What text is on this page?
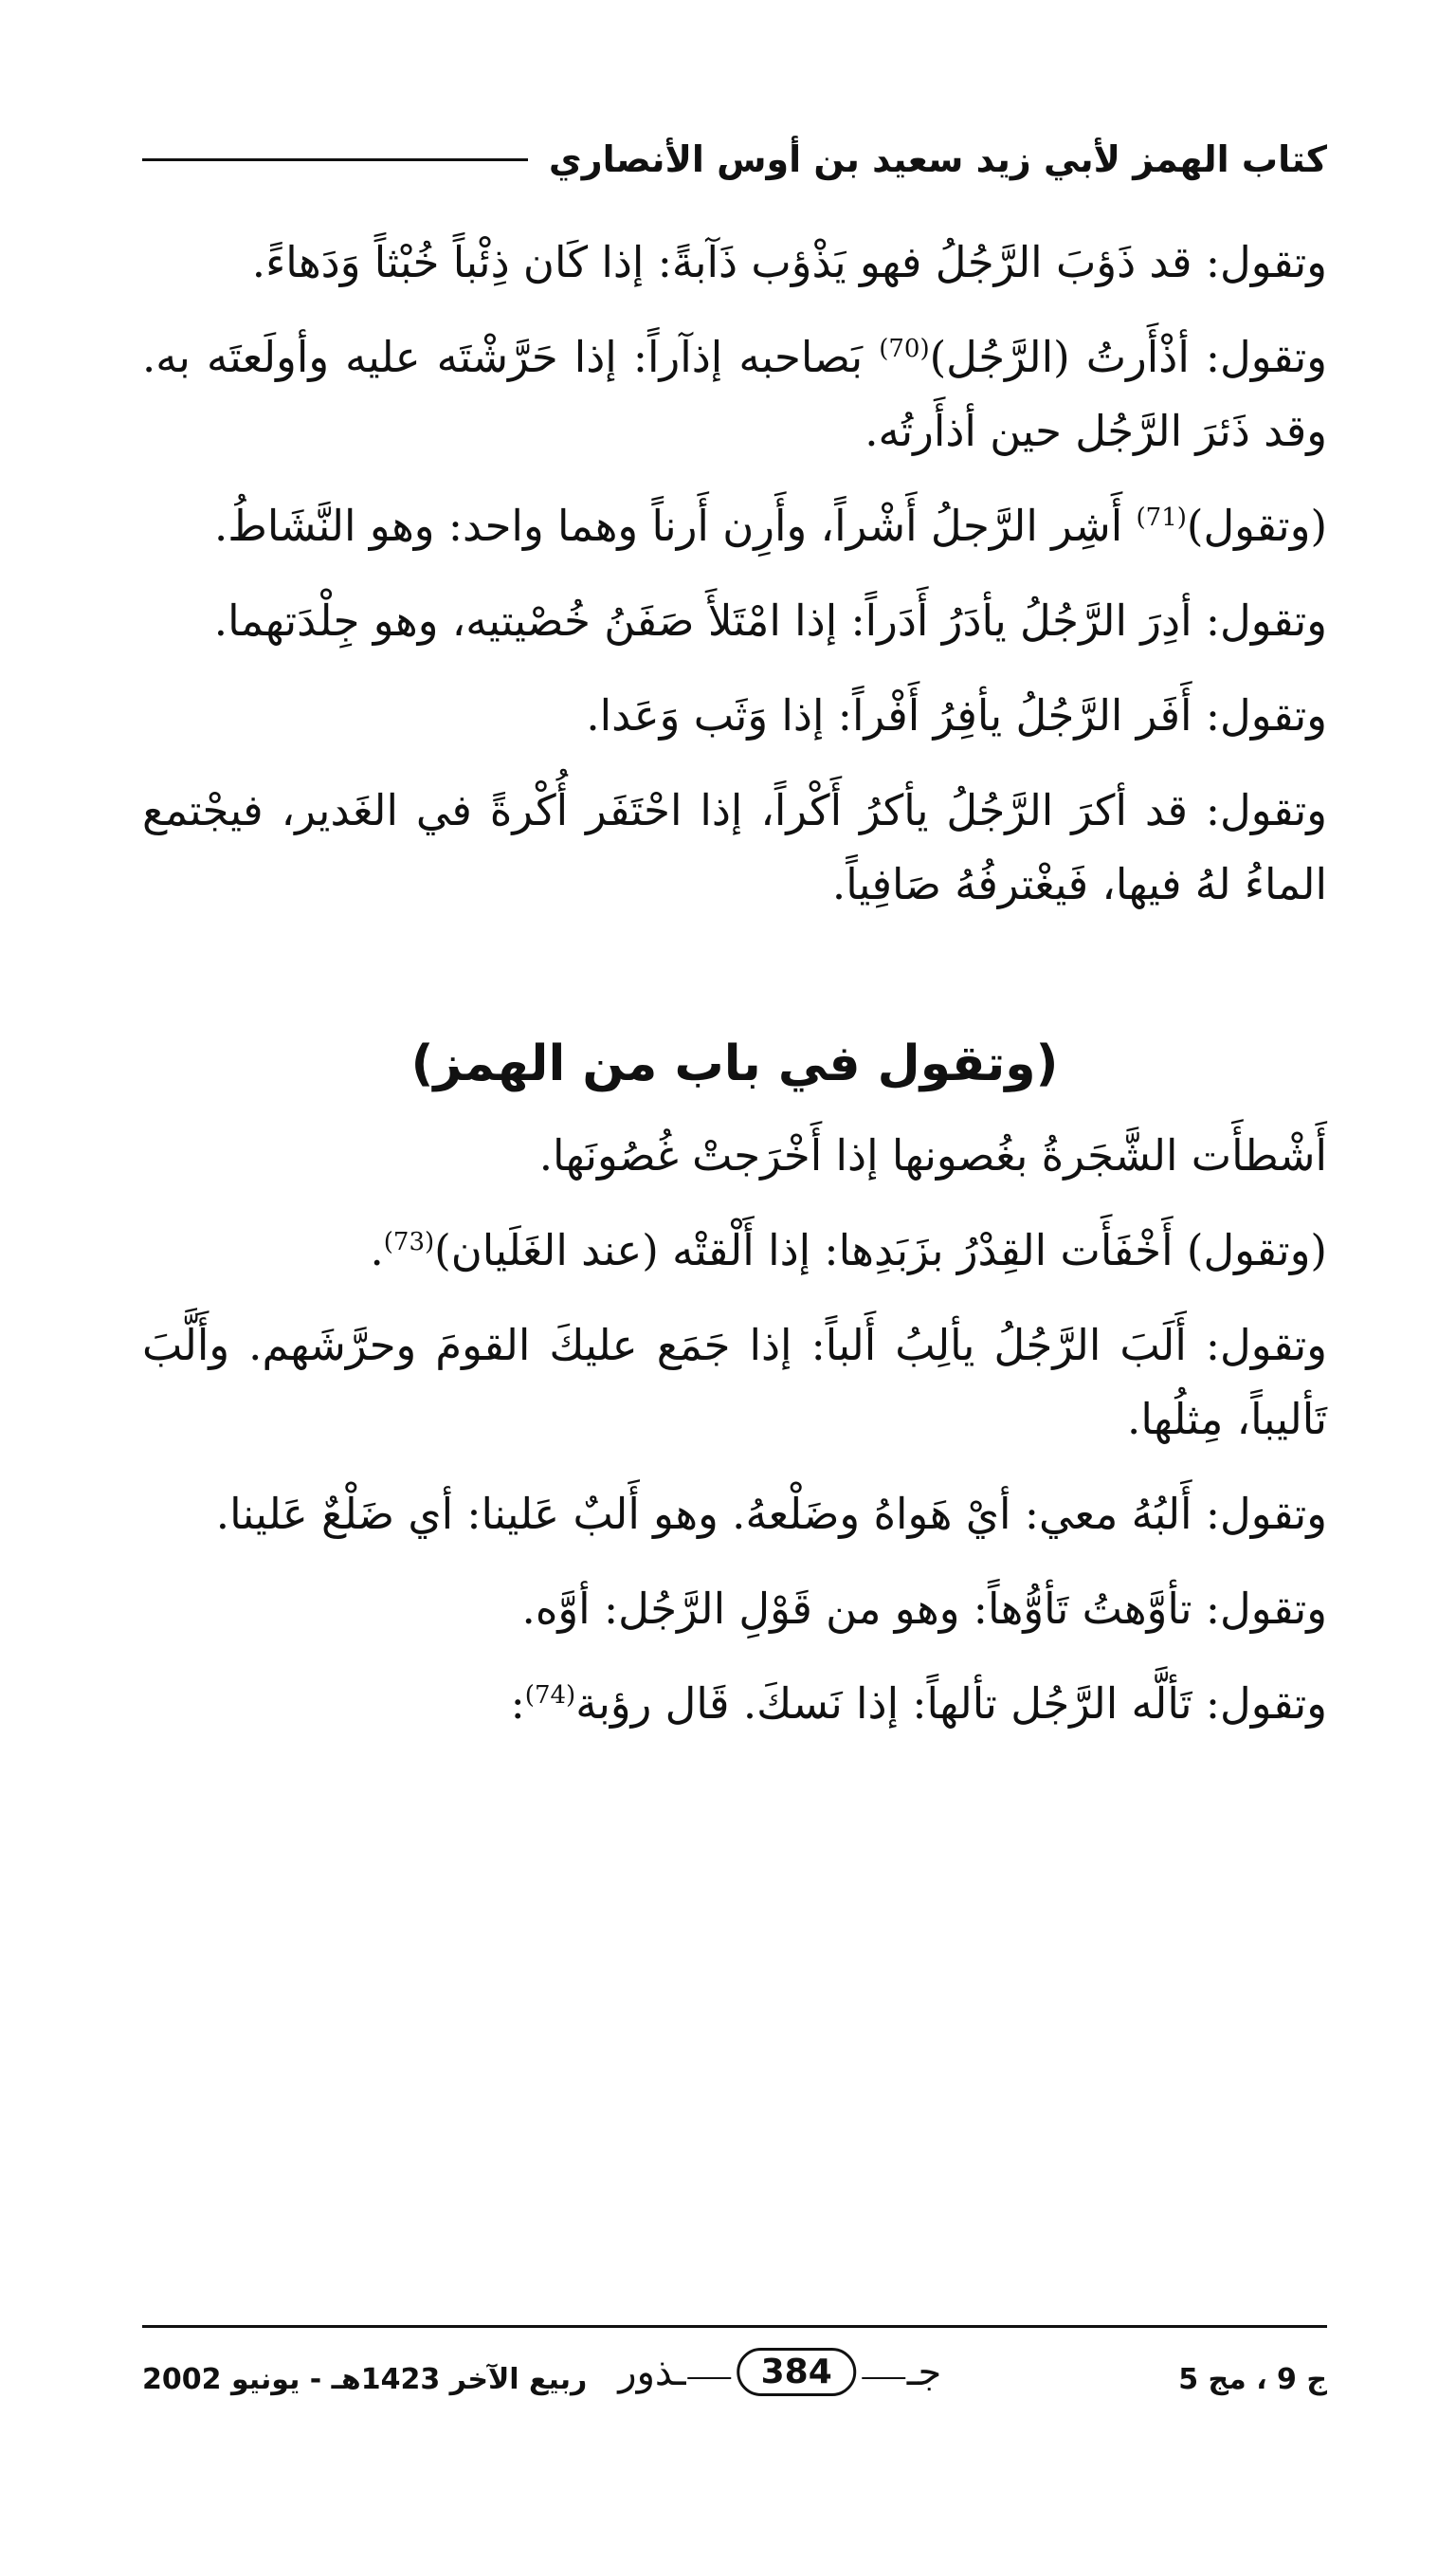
كتاب الهمز لأبي زيد سعيد بن أوس الأنصاري

وتقول: قد ذَؤبَ الرَّجُلُ فهو يَذْؤب ذَآبةً: إذا كَان ذِئْباً خُبْثاً وَدَهاءً.

وتقول: أذْأَرتُ (الرَّجُل)$^{(70)}$ بَصاحبه إذآراً: إذا حَرَّشْتَه عليه وأولَعتَه به. وقد ذَئرَ الرَّجُل حين أذأَرتُه.

(وتقول)$^{(71)}$ أَشِر الرَّجلُ أَشْراً، وأَرِن أَرناً وهما واحد: وهو النَّشَاطُ.

وتقول: أدِرَ الرَّجُلُ يأدَرُ أَدَراً: إذا امْتَلأَ صَفَنُ خُصْيتيه، وهو جِلْدَتهما.

وتقول: أَفَر الرَّجُلُ يأفِرُ أَفْراً: إذا وَثَب وَعَدا.

وتقول: قد أكرَ الرَّجُلُ يأكرُ أَكْراً، إذا احْتَفَر أُكْرةً في الغَدير، فيجْتمع الماءُ لهُ فيها، فَيغْترفُهُ صَافِياً.

(وتقول في باب من الهمز)

أَشْطأَت الشَّجَرةُ بغُصونها إذا أَخْرَجتْ غُصُونَها.

(وتقول) أَخْفَأَت القِدْرُ بزَبَدِها: إذا أَلْقتْه (عند الغَلَيان)$^{(73)}$.

وتقول: أَلَبَ الرَّجُلُ يألِبُ أَلباً: إذا جَمَع عليكَ القومَ وحرَّشَهم. وأَلَّبَ تَأليباً، مِثلُها.

وتقول: أَلبُهُ معي: أيْ هَواهُ وضَلْعهُ. وهو أَلبٌ عَلينا: أي ضَلْعٌ عَلينا.

وتقول: تأوَّهتُ تَأوُّهاً: وهو من قَوْلِ الرَّجُل: أوَّه.

وتقول: تَألَّه الرَّجُل تألهاً: إذا نَسكَ. قَال رؤبة$^{(74)}$:

ج 9 ، مج 5
جـ
384
ـذور
ربيع الآخر 1423هـ - يونيو 2002
